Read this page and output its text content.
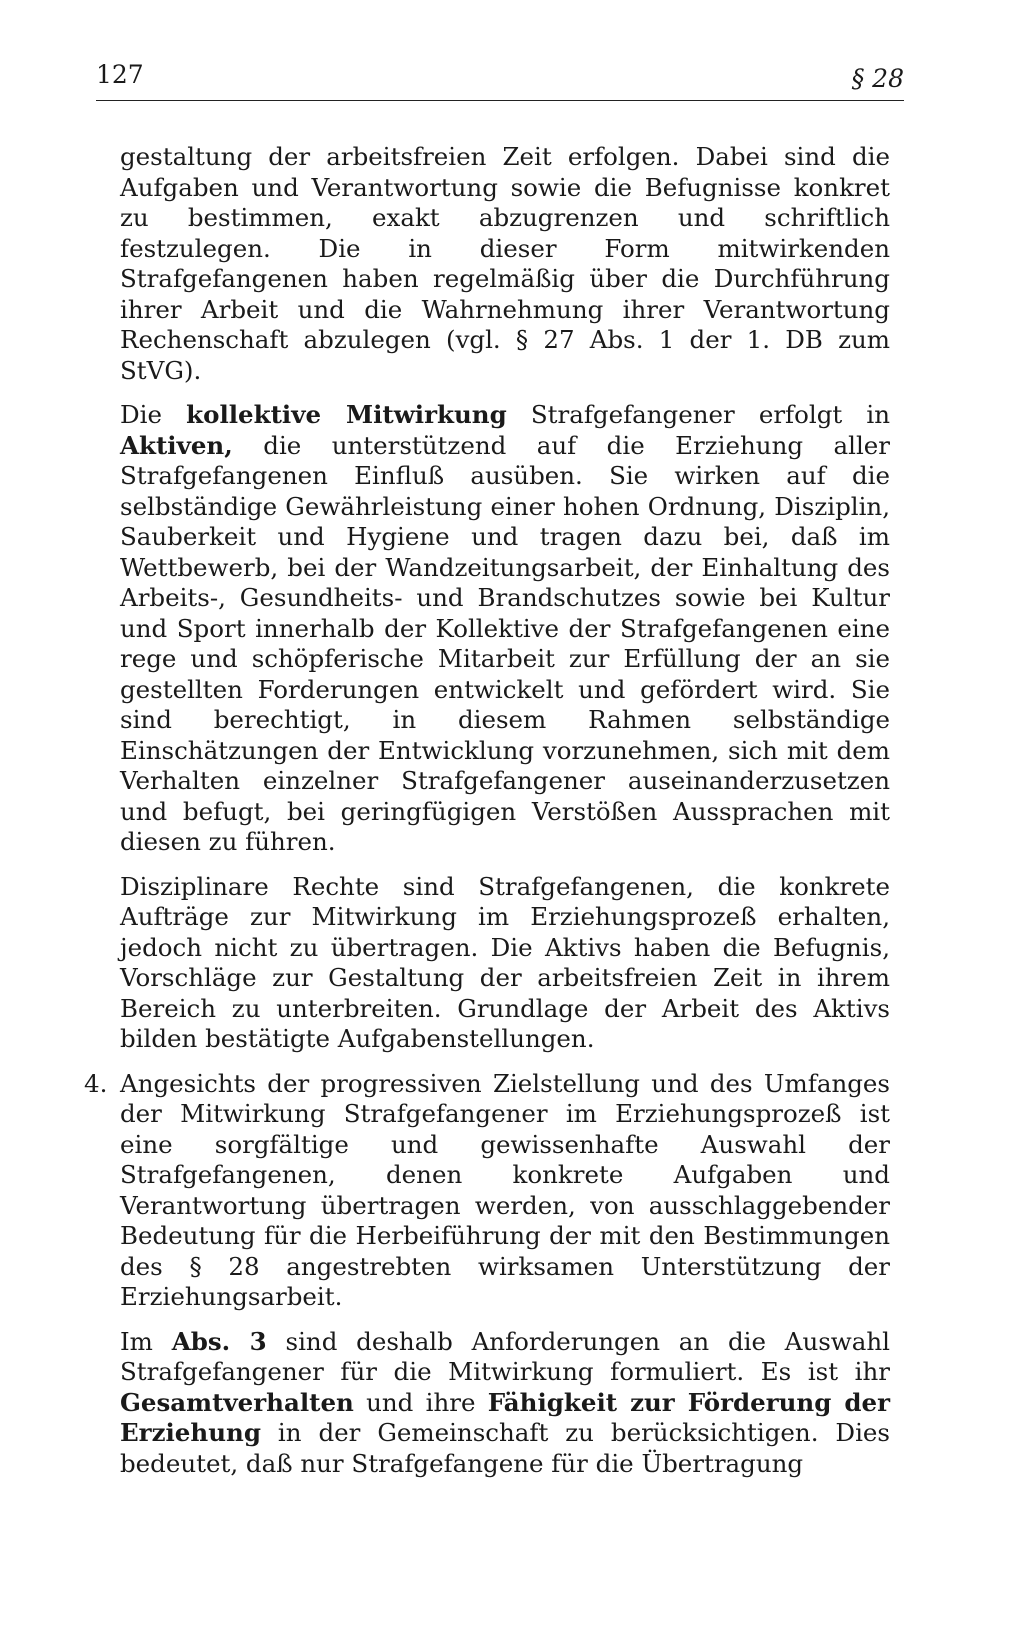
127	§ 28

gestaltung der arbeitsfreien Zeit erfolgen. Dabei sind die Aufgaben und Verantwortung sowie die Befugnisse konkret zu bestimmen, exakt abzugrenzen und schriftlich festzulegen. Die in dieser Form mitwirkenden Strafgefangenen haben regelmäßig über die Durchführung ihrer Arbeit und die Wahrnehmung ihrer Verantwortung Rechenschaft abzulegen (vgl. § 27 Abs. 1 der 1. DB zum StVG).

Die kollektive Mitwirkung Strafgefangener erfolgt in Aktiven, die unterstützend auf die Erziehung aller Strafgefangenen Einfluß ausüben. Sie wirken auf die selbständige Gewährleistung einer hohen Ordnung, Disziplin, Sauberkeit und Hygiene und tragen dazu bei, daß im Wettbewerb, bei der Wandzeitungsarbeit, der Einhaltung des Arbeits-, Gesundheits- und Brandschutzes sowie bei Kultur und Sport innerhalb der Kollektive der Strafgefangenen eine rege und schöpferische Mitarbeit zur Erfüllung der an sie gestellten Forderungen entwickelt und gefördert wird. Sie sind berechtigt, in diesem Rahmen selbständige Einschätzungen der Entwicklung vorzunehmen, sich mit dem Verhalten einzelner Strafgefangener auseinanderzusetzen und befugt, bei geringfügigen Verstößen Aussprachen mit diesen zu führen.

Disziplinare Rechte sind Strafgefangenen, die konkrete Aufträge zur Mitwirkung im Erziehungsprozeß erhalten, jedoch nicht zu übertragen. Die Aktivs haben die Befugnis, Vorschläge zur Gestaltung der arbeitsfreien Zeit in ihrem Bereich zu unterbreiten. Grundlage der Arbeit des Aktivs bilden bestätigte Aufgabenstellungen.

4. Angesichts der progressiven Zielstellung und des Umfanges der Mitwirkung Strafgefangener im Erziehungsprozeß ist eine sorgfältige und gewissenhafte Auswahl der Strafgefangenen, denen konkrete Aufgaben und Verantwortung übertragen werden, von ausschlaggebender Bedeutung für die Herbeiführung der mit den Bestimmungen des § 28 angestrebten wirksamen Unterstützung der Erziehungsarbeit.

Im Abs. 3 sind deshalb Anforderungen an die Auswahl Strafgefangener für die Mitwirkung formuliert. Es ist ihr Gesamtverhalten und ihre Fähigkeit zur Förderung der Erziehung in der Gemeinschaft zu berücksichtigen. Dies bedeutet, daß nur Strafgefangene für die Übertragung
